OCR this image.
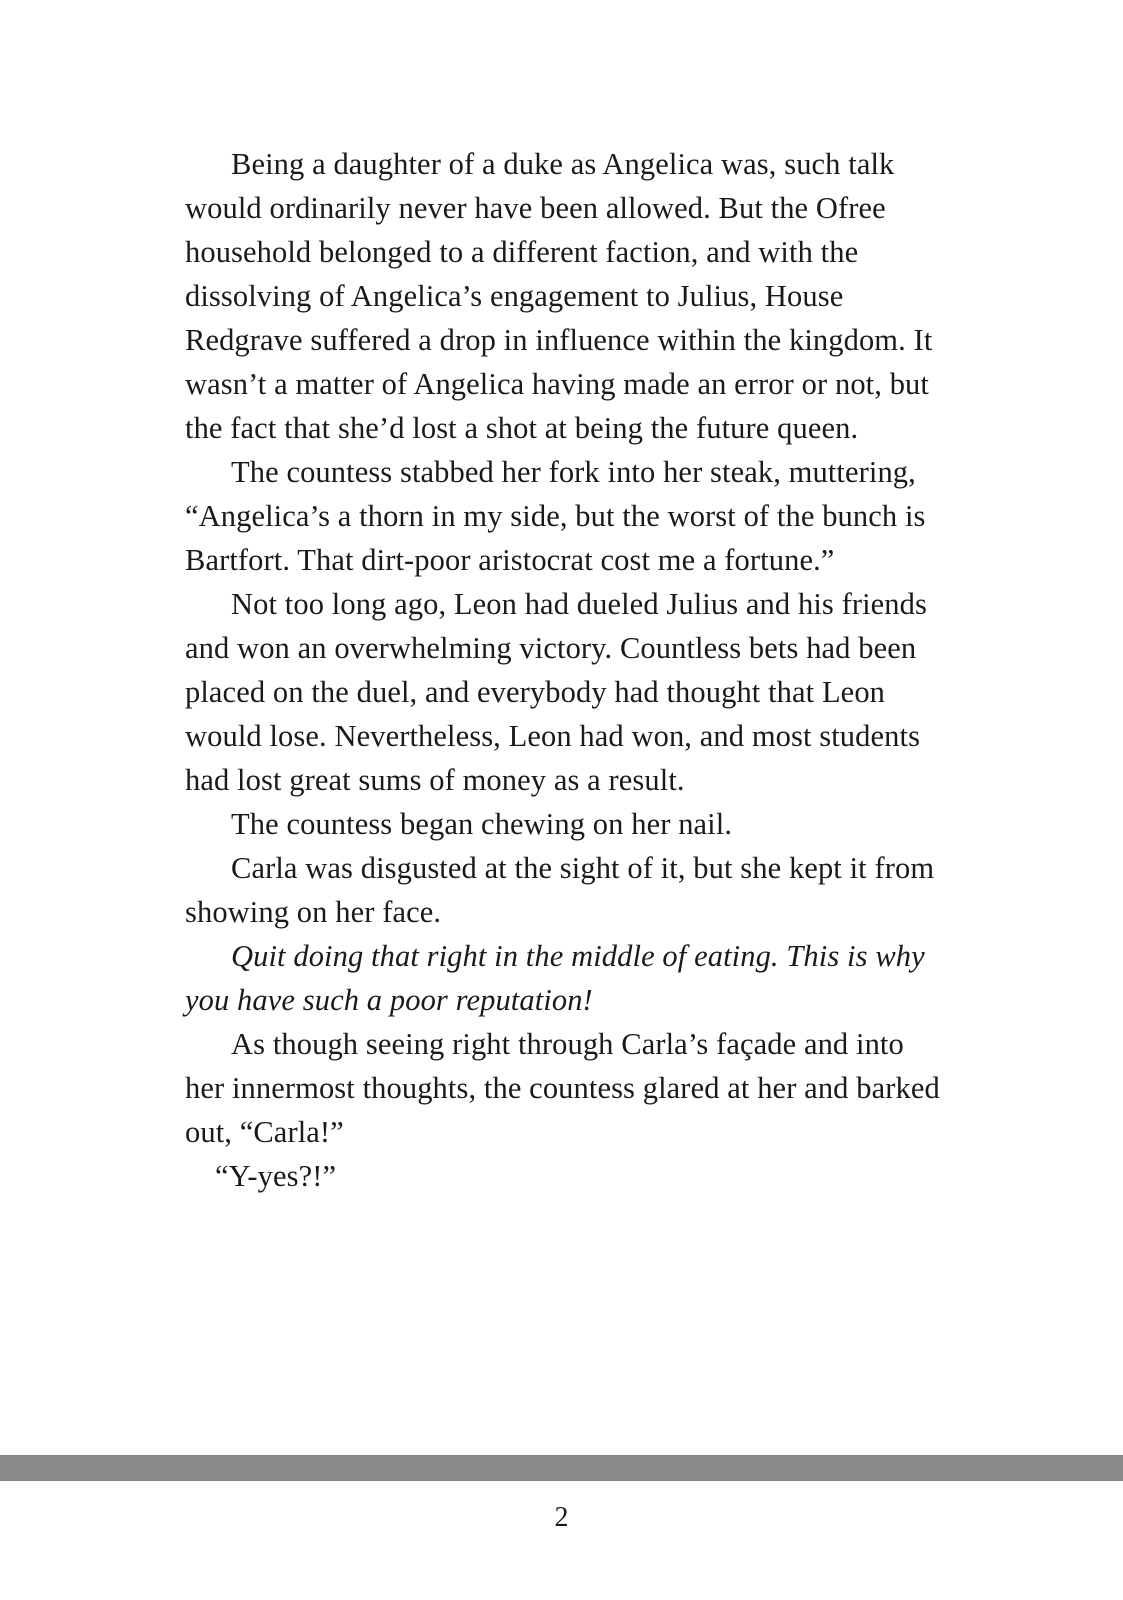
Being a daughter of a duke as Angelica was, such talk would ordinarily never have been allowed. But the Ofree household belonged to a different faction, and with the dissolving of Angelica’s engagement to Julius, House Redgrave suffered a drop in influence within the kingdom. It wasn’t a matter of Angelica having made an error or not, but the fact that she’d lost a shot at being the future queen.

The countess stabbed her fork into her steak, muttering, “Angelica’s a thorn in my side, but the worst of the bunch is Bartfort. That dirt-poor aristocrat cost me a fortune.”

Not too long ago, Leon had dueled Julius and his friends and won an overwhelming victory. Countless bets had been placed on the duel, and everybody had thought that Leon would lose. Nevertheless, Leon had won, and most students had lost great sums of money as a result.

The countess began chewing on her nail.

Carla was disgusted at the sight of it, but she kept it from showing on her face.

Quit doing that right in the middle of eating. This is why you have such a poor reputation!

As though seeing right through Carla’s façade and into her innermost thoughts, the countess glared at her and barked out, “Carla!”

“Y-yes?!”

2
